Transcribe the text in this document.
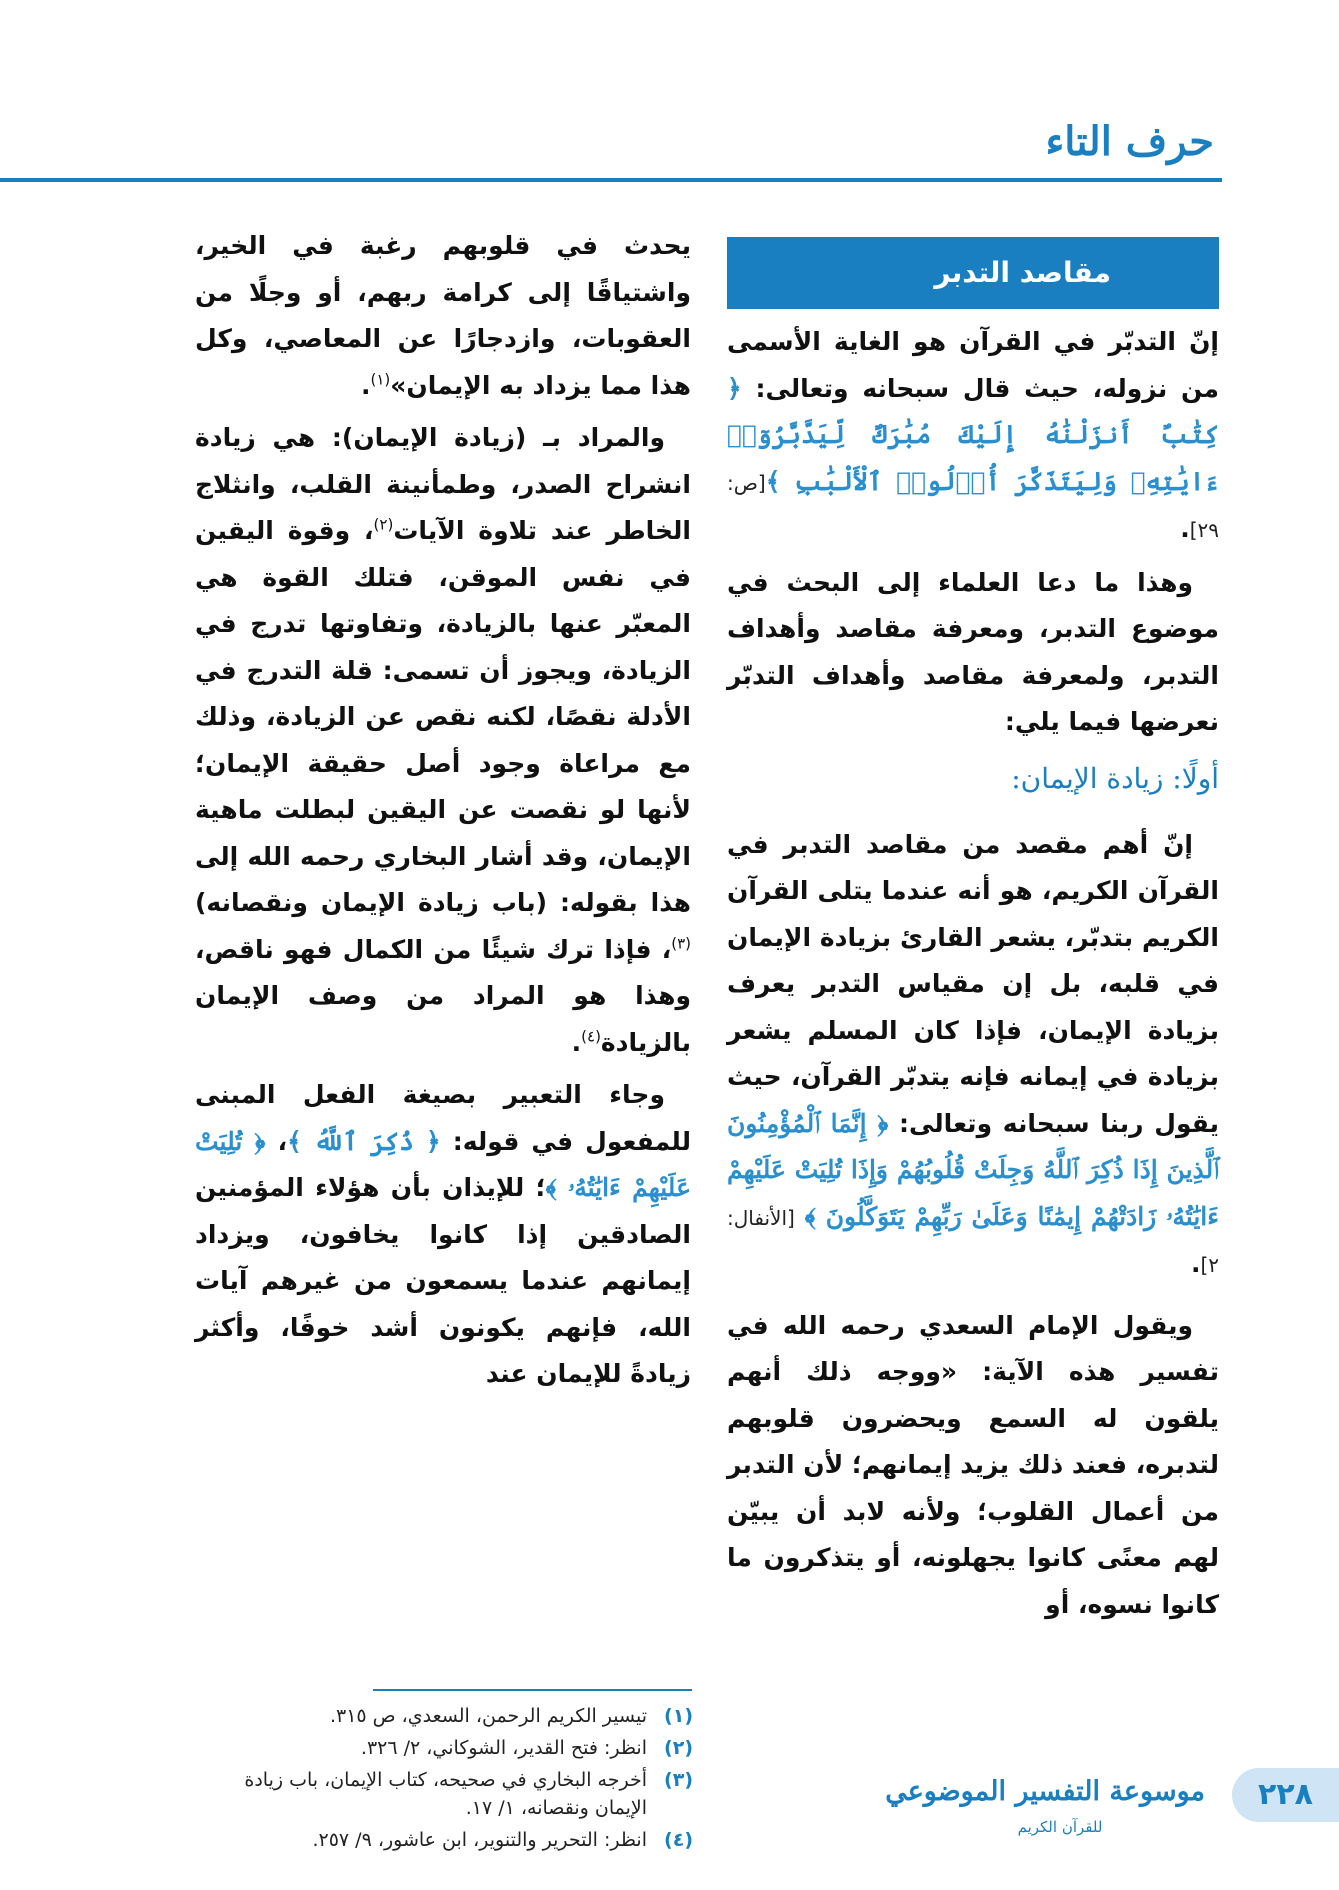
حرف التاء
مقاصد التدبر

إنّ التدبّر في القرآن هو الغاية الأسمى من نزوله، حيث قال سبحانه وتعالى: ﴿ كِتَٰبٌ أَنزَلْنَٰهُ إِلَيْكَ مُبَٰرَكٌ لِّيَدَّبَّرُوٓا۟ ءَايَٰتِهِۦ وَلِيَتَذَكَّرَ أُو۟لُوا۟ ٱلْأَلْبَٰبِ ﴾[ص: ٢٩].

وهذا ما دعا العلماء إلى البحث في موضوع التدبر، ومعرفة مقاصد وأهداف التدبر، ولمعرفة مقاصد وأهداف التدبّر نعرضها فيما يلي:

أولًا: زيادة الإيمان:

إنّ أهم مقصد من مقاصد التدبر في القرآن الكريم، هو أنه عندما يتلى القرآن الكريم بتدبّر، يشعر القارئ بزيادة الإيمان في قلبه، بل إن مقياس التدبر يعرف بزيادة الإيمان، فإذا كان المسلم يشعر بزيادة في إيمانه فإنه يتدبّر القرآن، حيث يقول ربنا سبحانه وتعالى: ﴿ إِنَّمَا ٱلْمُؤْمِنُونَ ٱلَّذِينَ إِذَا ذُكِرَ ٱللَّهُ وَجِلَتْ قُلُوبُهُمْ وَإِذَا تُلِيَتْ عَلَيْهِمْ ءَايَٰتُهُۥ زَادَتْهُمْ إِيمَٰنًا وَعَلَىٰ رَبِّهِمْ يَتَوَكَّلُونَ ﴾ [الأنفال: ٢].

ويقول الإمام السعدي رحمه الله في تفسير هذه الآية: «ووجه ذلك أنهم يلقون له السمع ويحضرون قلوبهم لتدبره، فعند ذلك يزيد إيمانهم؛ لأن التدبر من أعمال القلوب؛ ولأنه لابد أن يبيّن لهم معنًى كانوا يجهلونه، أو يتذكرون ما كانوا نسوه، أو

يحدث في قلوبهم رغبة في الخير، واشتياقًا إلى كرامة ربهم، أو وجلًا من العقوبات، وازدجارًا عن المعاصي، وكل هذا مما يزداد به الإيمان»$^{(١)}$.

والمراد بـ (زيادة الإيمان): هي زيادة انشراح الصدر، وطمأنينة القلب، وانثلاج الخاطر عند تلاوة الآيات$^{(٢)}$، وقوة اليقين في نفس الموقن، فتلك القوة هي المعبّر عنها بالزيادة، وتفاوتها تدرج في الزيادة، ويجوز أن تسمى: قلة التدرج في الأدلة نقصًا، لكنه نقص عن الزيادة، وذلك مع مراعاة وجود أصل حقيقة الإيمان؛ لأنها لو نقصت عن اليقين لبطلت ماهية الإيمان، وقد أشار البخاري رحمه الله إلى هذا بقوله: (باب زيادة الإيمان ونقصانه)$^{(٣)}$، فإذا ترك شيئًا من الكمال فهو ناقص، وهذا هو المراد من وصف الإيمان بالزيادة$^{(٤)}$.

وجاء التعبير بصيغة الفعل المبنى للمفعول في قوله: ﴿ ذُكِرَ ٱللَّهُ ﴾، ﴿ تُلِيَتْ عَلَيْهِمْ ءَايَٰتُهُۥ ﴾؛ للإيذان بأن هؤلاء المؤمنين الصادقين إذا كانوا يخافون، ويزداد إيمانهم عندما يسمعون من غيرهم آيات الله، فإنهم يكونون أشد خوفًا، وأكثر زيادةً للإيمان عند

(١)
تيسير الكريم الرحمن، السعدي، ص ٣١٥.
(٢)
انظر: فتح القدير، الشوكاني، ٢/ ٣٢٦.
(٣)
أخرجه البخاري في صحيحه، كتاب الإيمان، باب زيادة الإيمان ونقصانه، ١/ ١٧.
(٤)
انظر: التحرير والتنوير، ابن عاشور، ٩/ ٢٥٧.
موسوعة التفسير الموضوعي
للقرآن الكريم
٢٢٨
